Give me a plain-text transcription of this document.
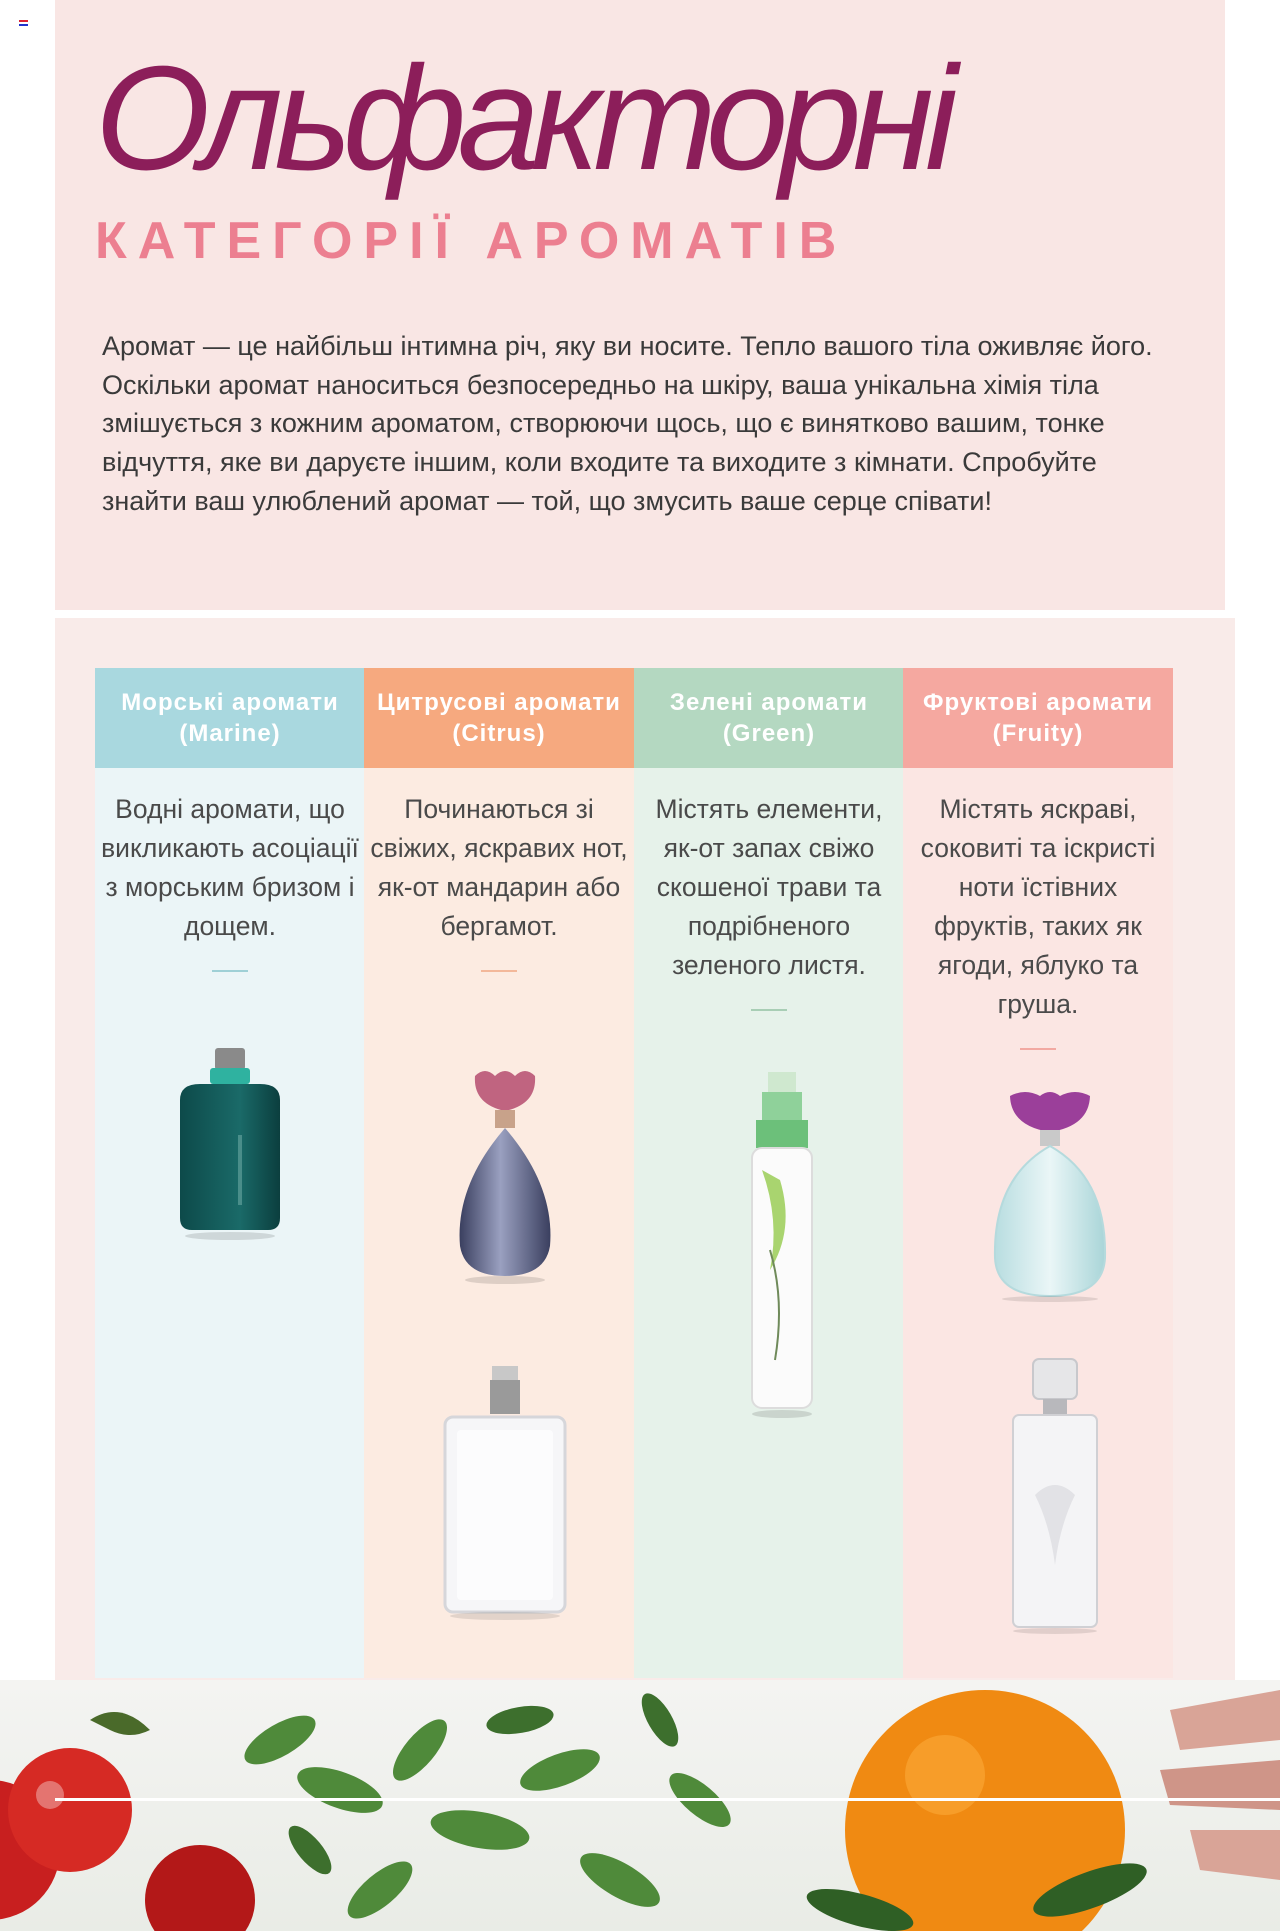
Ольфакторні
КАТЕГОРІЇ АРОМАТІВ

Аромат — це найбільш інтимна річ, яку ви носите. Тепло вашого тіла оживляє його. Оскільки аромат наноситься безпосередньо на шкіру, ваша унікальна хімія тіла змішується з кожним ароматом, створюючи щось, що є винятково вашим, тонке відчуття, яке ви даруєте іншим, коли входите та виходите з кімнати. Спробуйте знайти ваш улюблений аромат — той, що змусить ваше серце співати!

Морські аромати
(Marine)
Водні аромати, що викликають асоціації з морським бризом і дощем.
Цитрусові аромати
(Citrus)
Починаються зі свіжих, яскравих нот, як-от мандарин або бергамот.
Зелені аромати
(Green)
Містять елементи, як-от запах свіжо скошеної трави та подрібненого зеленого листя.
Фруктові аромати
(Fruity)
Містять яскраві, соковиті та іскристі ноти їстівних фруктів, таких як ягоди, яблуко та груша.
